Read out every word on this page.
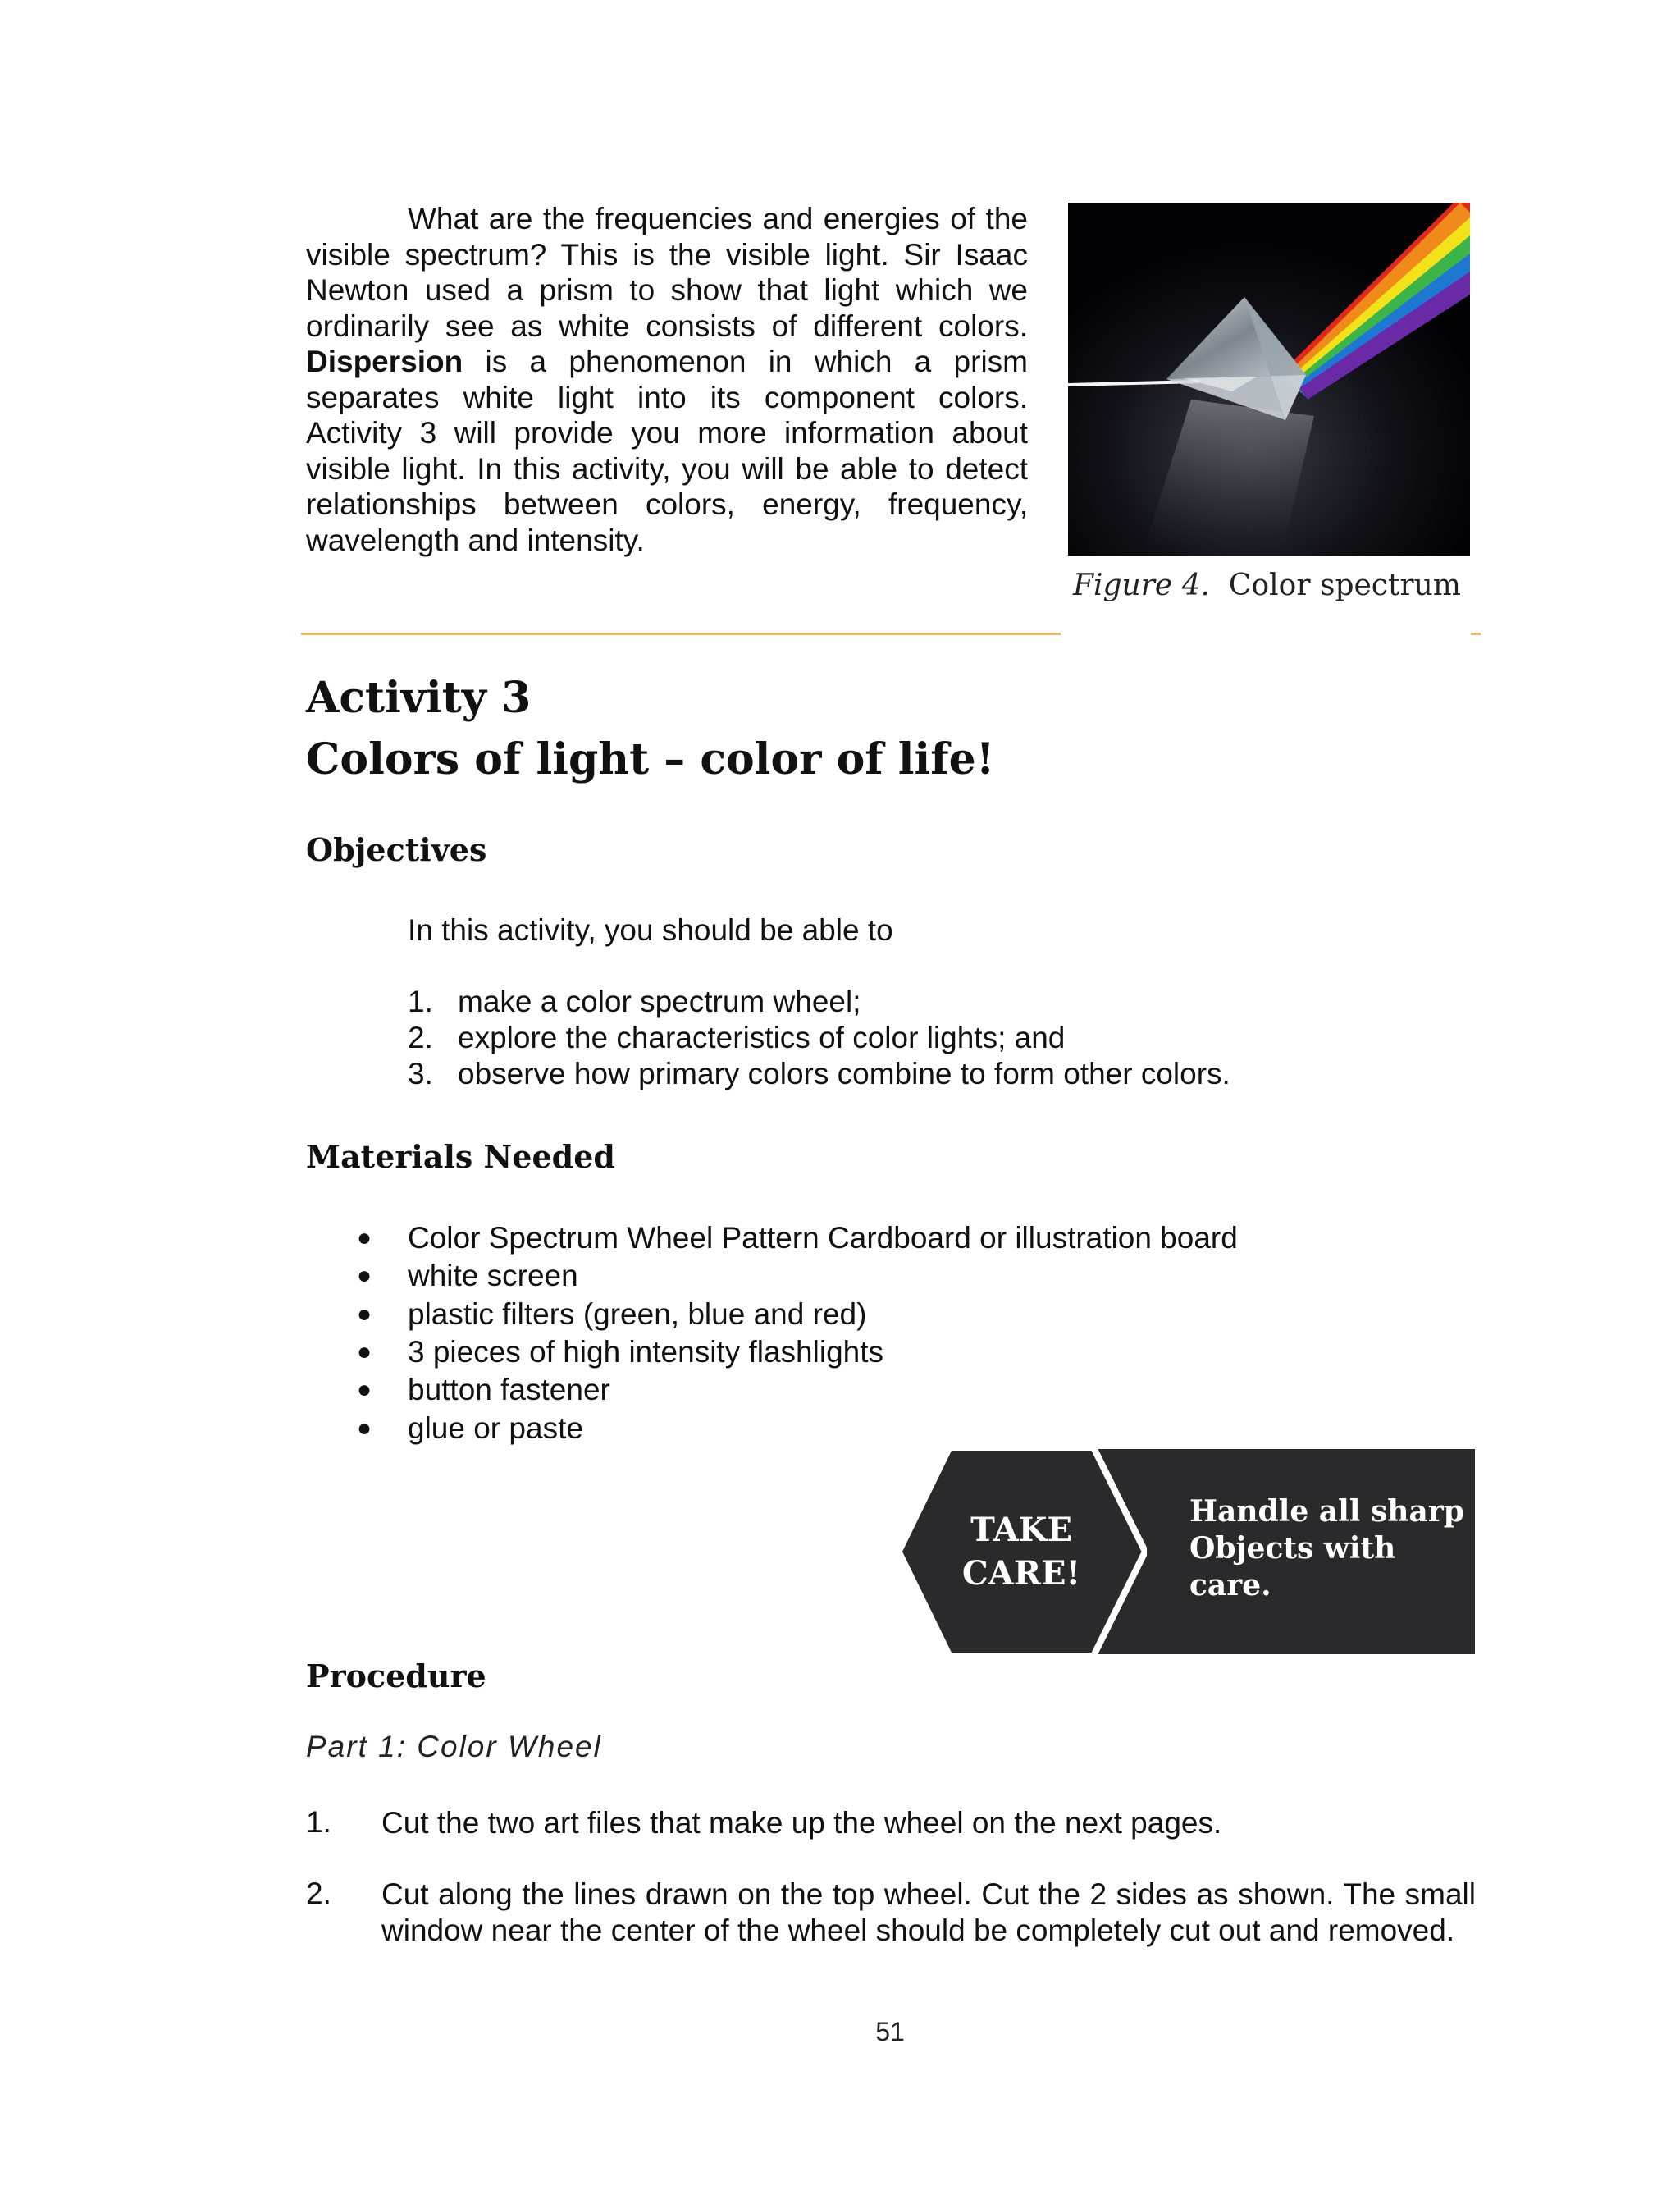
What are the frequencies and energies of the visible spectrum? This is the visible light. Sir Isaac Newton used a prism to show that light which we ordinarily see as white consists of different colors. Dispersion is a phenomenon in which a prism separates white light into its component colors. Activity 3 will provide you more information about visible light. In this activity, you will be able to detect relationships between colors, energy, frequency, wavelength and intensity.
Figure 4. Color spectrum
Activity 3
Colors of light – color of life!
Objectives
In this activity, you should be able to
1. make a color spectrum wheel;
2. explore the characteristics of color lights; and
3. observe how primary colors combine to form other colors.
Materials Needed
● Color Spectrum Wheel Pattern Cardboard or illustration board
● white screen
● plastic filters (green, blue and red)
● 3 pieces of high intensity flashlights
● button fastener
● glue or paste
TAKE
CARE!
Handle all sharp Objects with care.
Procedure
Part 1: Color Wheel
1. Cut the two art files that make up the wheel on the next pages.
2. Cut along the lines drawn on the top wheel. Cut the 2 sides as shown. The small window near the center of the wheel should be completely cut out and removed.
51
